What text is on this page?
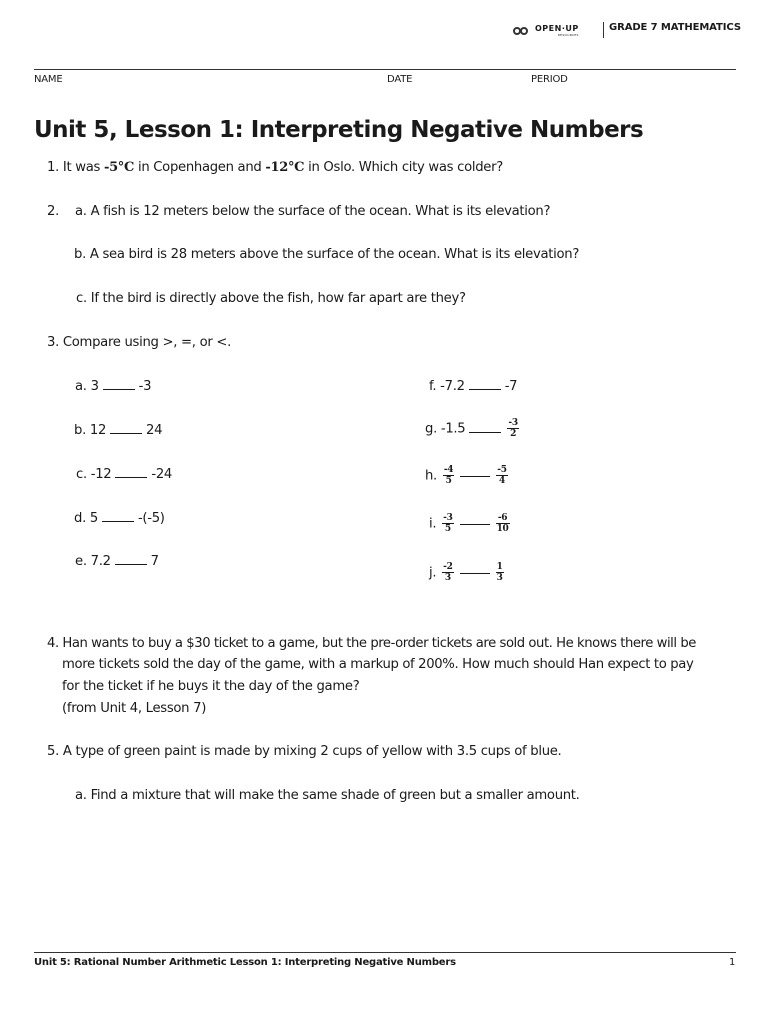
OPEN·UP
RESOURCES
GRADE 7 MATHEMATICS
NAME	DATE	PERIOD
Unit 5, Lesson 1: Interpreting Negative Numbers
1. It was -5°C in Copenhagen and -12°C in Oslo. Which city was colder?
2. a. A fish is 12 meters below the surface of the ocean. What is its elevation?
b. A sea bird is 28 meters above the surface of the ocean. What is its elevation?
c. If the bird is directly above the fish, how far apart are they?
3. Compare using >, =, or <.
a. 3	-3
b. 12	24
c. -12	-24
d. 5	-(-5)
e. 7.2	7
f. -7.2	-7
g. -1.5	$\frac{-3}{2}$
h. $\frac{-4}{5}$	$\frac{-5}{4}$
i. $\frac{-3}{5}$	$\frac{-6}{10}$
j. $\frac{-2}{3}$	$\frac{1}{3}$
4. Han wants to buy a $30 ticket to a game, but the pre-order tickets are sold out. He knows there will be
more tickets sold the day of the game, with a markup of 200%. How much should Han expect to pay
for the ticket if he buys it the day of the game?
(from Unit 4, Lesson 7)
5. A type of green paint is made by mixing 2 cups of yellow with 3.5 cups of blue.
a. Find a mixture that will make the same shade of green but a smaller amount.
Unit 5: Rational Number Arithmetic Lesson 1: Interpreting Negative Numbers	1
